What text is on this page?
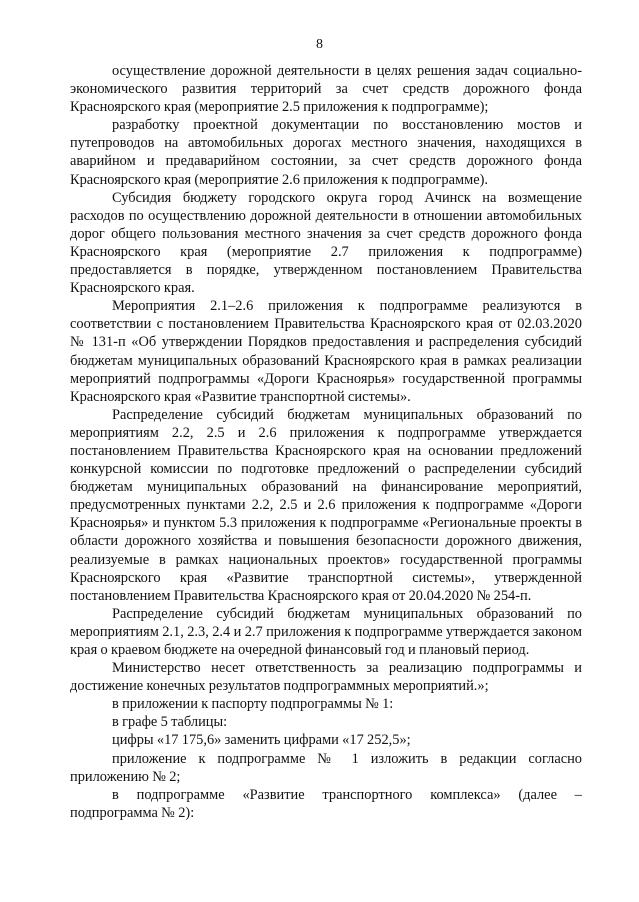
8

осуществление дорожной деятельности в целях решения задач социально-экономического развития территорий за счет средств дорожного фонда Красноярского края (мероприятие 2.5 приложения к подпрограмме);

разработку проектной документации по восстановлению мостов и путепроводов на автомобильных дорогах местного значения, находящихся в аварийном и предаварийном состоянии, за счет средств дорожного фонда Красноярского края (мероприятие 2.6 приложения к подпрограмме).

Субсидия бюджету городского округа город Ачинск на возмещение расходов по осуществлению дорожной деятельности в отношении автомобильных дорог общего пользования местного значения за счет средств дорожного фонда Красноярского края (мероприятие 2.7 приложения к подпрограмме) предоставляется в порядке, утвержденном постановлением Правительства Красноярского края.

Мероприятия 2.1–2.6 приложения к подпрограмме реализуются в соответствии с постановлением Правительства Красноярского края от 02.03.2020 № 131-п «Об утверждении Порядков предоставления и распределения субсидий бюджетам муниципальных образований Красноярского края в рамках реализации мероприятий подпрограммы «Дороги Красноярья» государственной программы Красноярского края «Развитие транспортной системы».

Распределение субсидий бюджетам муниципальных образований по мероприятиям 2.2, 2.5 и 2.6 приложения к подпрограмме утверждается постановлением Правительства Красноярского края на основании предложений конкурсной комиссии по подготовке предложений о распределении субсидий бюджетам муниципальных образований на финансирование мероприятий, предусмотренных пунктами 2.2, 2.5 и 2.6 приложения к подпрограмме «Дороги Красноярья» и пунктом 5.3 приложения к подпрограмме «Региональные проекты в области дорожного хозяйства и повышения безопасности дорожного движения, реализуемые в рамках национальных проектов» государственной программы Красноярского края «Развитие транспортной системы», утвержденной постановлением Правительства Красноярского края от 20.04.2020 № 254-п.

Распределение субсидий бюджетам муниципальных образований по мероприятиям 2.1, 2.3, 2.4 и 2.7 приложения к подпрограмме утверждается законом края о краевом бюджете на очередной финансовый год и плановый период.

Министерство несет ответственность за реализацию подпрограммы и достижение конечных результатов подпрограммных мероприятий.»;

в приложении к паспорту подпрограммы № 1:

в графе 5 таблицы:

цифры «17 175,6» заменить цифрами «17 252,5»;

приложение к подпрограмме № 1 изложить в редакции согласно приложению № 2;

в подпрограмме «Развитие транспортного комплекса» (далее – подпрограмма № 2):
